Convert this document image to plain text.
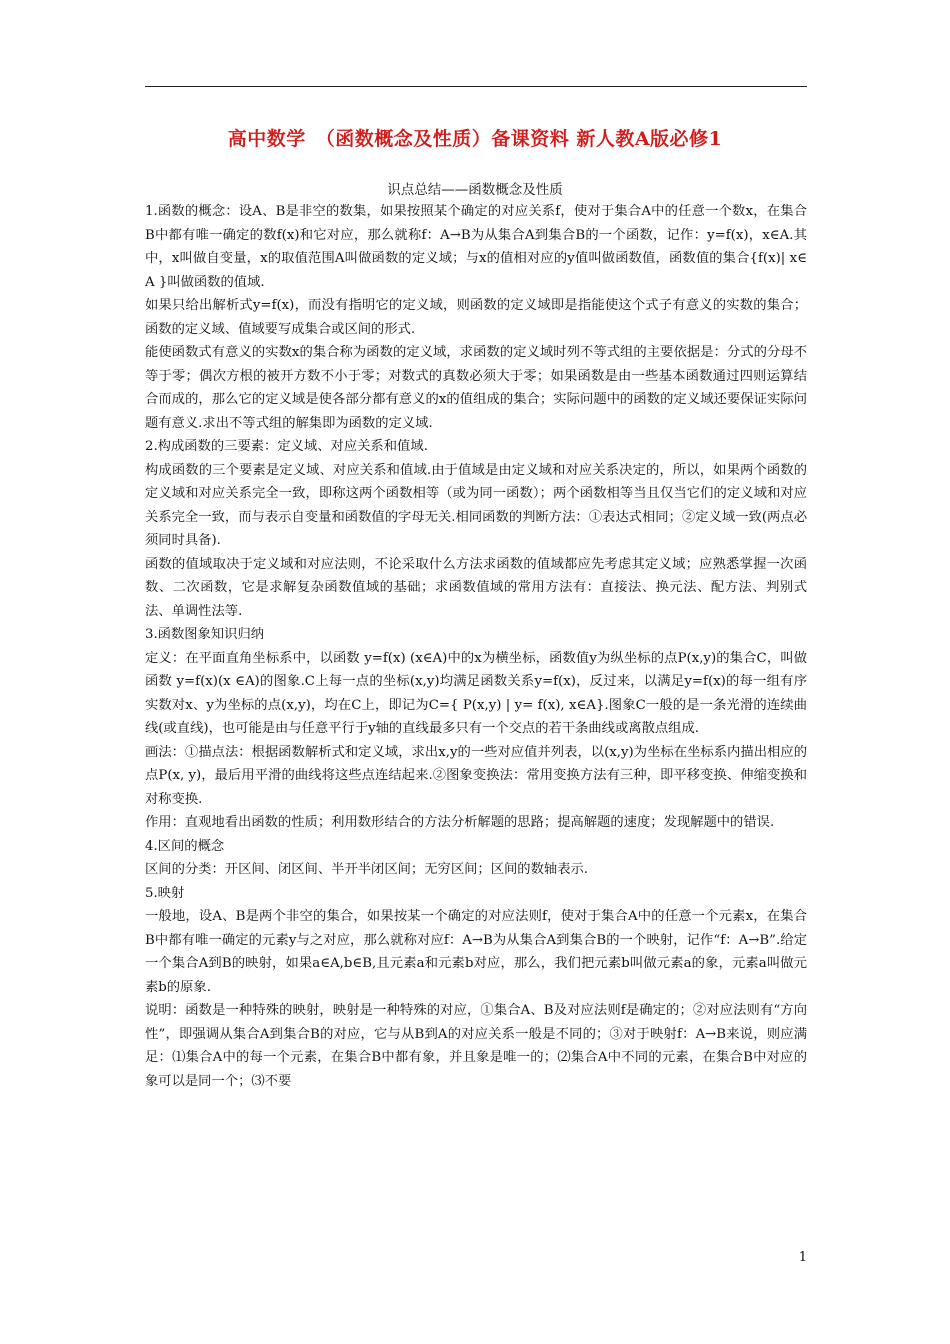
高中数学　（函数概念及性质）备课资料 新人教A版必修1
识点总结——函数概念及性质

1.函数的概念：设A、B是非空的数集，如果按照某个确定的对应关系f，使对于集合A中的任意一个数x，在集合B中都有唯一确定的数f(x)和它对应，那么就称f：A→B为从集合A到集合B的一个函数，记作：y=f(x)，x∈A.其中，x叫做自变量，x的取值范围A叫做函数的定义域；与x的值相对应的y值叫做函数值，函数值的集合{f(x)| x∈A }叫做函数的值域.

如果只给出解析式y=f(x)，而没有指明它的定义域，则函数的定义域即是指能使这个式子有意义的实数的集合；函数的定义域、值域要写成集合或区间的形式.

能使函数式有意义的实数x的集合称为函数的定义域，求函数的定义域时列不等式组的主要依据是：分式的分母不等于零；偶次方根的被开方数不小于零；对数式的真数必须大于零；如果函数是由一些基本函数通过四则运算结合而成的，那么它的定义域是使各部分都有意义的x的值组成的集合；实际问题中的函数的定义域还要保证实际问题有意义.求出不等式组的解集即为函数的定义域.

2.构成函数的三要素：定义域、对应关系和值域.

构成函数的三个要素是定义域、对应关系和值域.由于值域是由定义域和对应关系决定的，所以，如果两个函数的定义域和对应关系完全一致，即称这两个函数相等（或为同一函数）；两个函数相等当且仅当它们的定义域和对应关系完全一致，而与表示自变量和函数值的字母无关.相同函数的判断方法：①表达式相同；②定义域一致(两点必须同时具备).

函数的值域取决于定义域和对应法则，不论采取什么方法求函数的值域都应先考虑其定义域；应熟悉掌握一次函数、二次函数，它是求解复杂函数值域的基础；求函数值域的常用方法有：直接法、换元法、配方法、判别式法、单调性法等.

3.函数图象知识归纳

定义：在平面直角坐标系中，以函数 y=f(x) (x∈A)中的x为横坐标，函数值y为纵坐标的点P(x,y)的集合C，叫做函数 y=f(x)(x ∈A)的图象.C上每一点的坐标(x,y)均满足函数关系y=f(x)，反过来，以满足y=f(x)的每一组有序实数对x、y为坐标的点(x,y)，均在C上，即记为C={ P(x,y) | y= f(x), x∈A}.图象C一般的是一条光滑的连续曲线(或直线)，也可能是由与任意平行于y轴的直线最多只有一个交点的若干条曲线或离散点组成.

画法：①描点法：根据函数解析式和定义域，求出x,y的一些对应值并列表，以(x,y)为坐标在坐标系内描出相应的点P(x, y)，最后用平滑的曲线将这些点连结起来.②图象变换法：常用变换方法有三种，即平移变换、伸缩变换和对称变换.

作用：直观地看出函数的性质；利用数形结合的方法分析解题的思路；提高解题的速度；发现解题中的错误.

4.区间的概念

区间的分类：开区间、闭区间、半开半闭区间；无穷区间；区间的数轴表示.

5.映射

一般地，设A、B是两个非空的集合，如果按某一个确定的对应法则f，使对于集合A中的任意一个元素x，在集合B中都有唯一确定的元素y与之对应，那么就称对应f：A→B为从集合A到集合B的一个映射，记作“f：A→B”.给定一个集合A到B的映射，如果a∈A,b∈B,且元素a和元素b对应，那么，我们把元素b叫做元素a的象，元素a叫做元素b的原象.

说明：函数是一种特殊的映射，映射是一种特殊的对应，①集合A、B及对应法则f是确定的；②对应法则有“方向性”，即强调从集合A到集合B的对应，它与从B到A的对应关系一般是不同的；③对于映射f：A→B来说，则应满足：⑴集合A中的每一个元素，在集合B中都有象，并且象是唯一的；⑵集合A中不同的元素，在集合B中对应的象可以是同一个；⑶不要

1
